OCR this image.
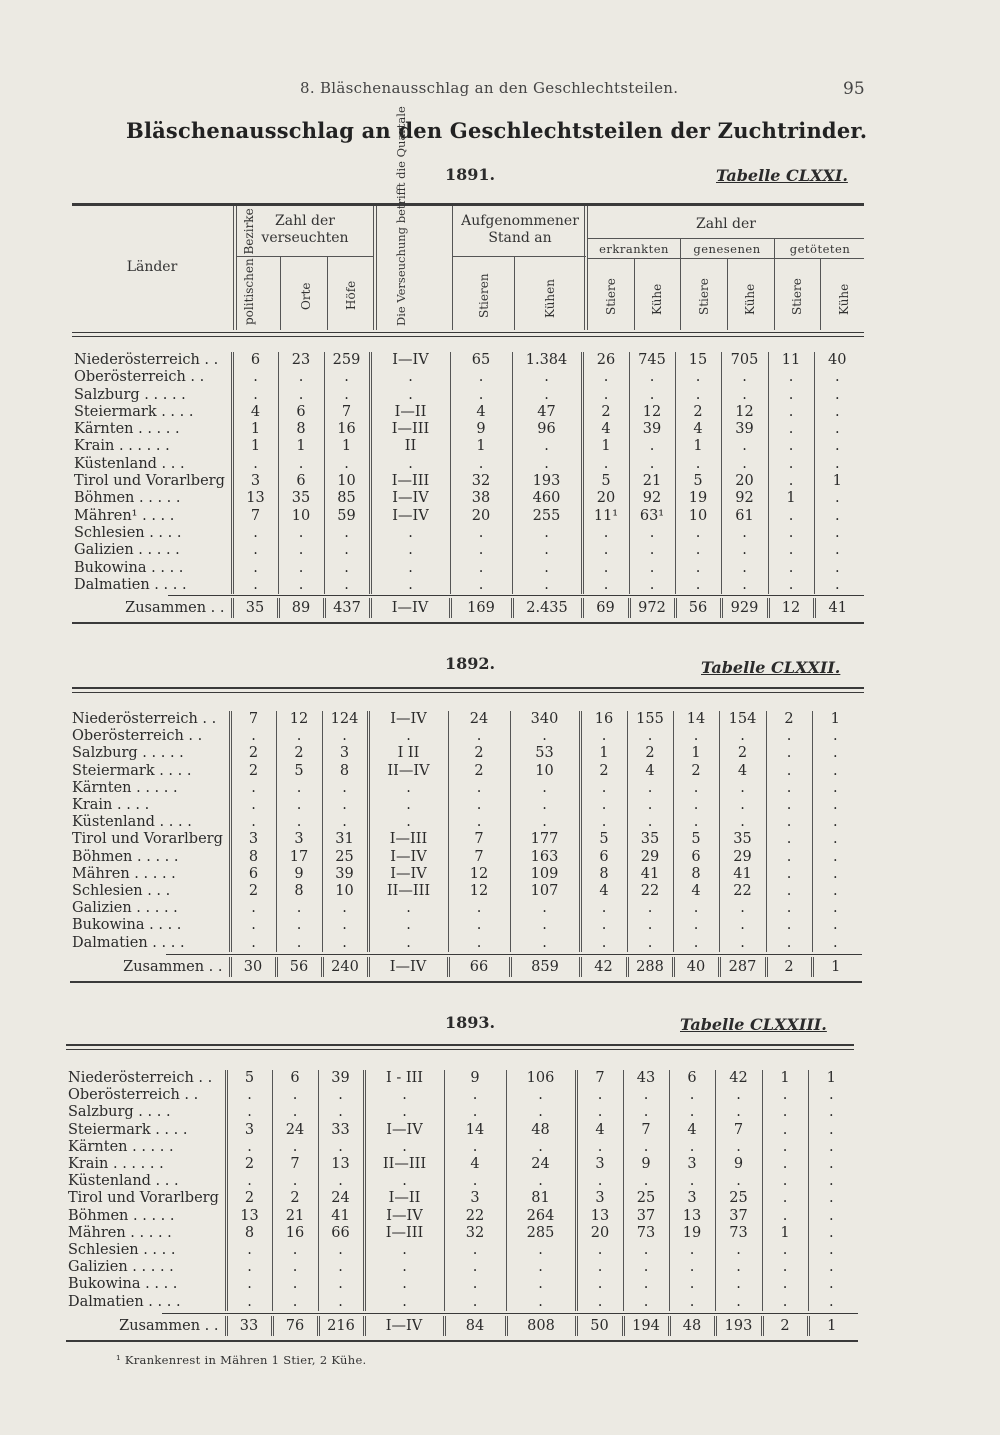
8. Bläschenausschlag an den Geschlechtsteilen.	95
Bläschenausschlag an den Geschlechtsteilen der Zuchtrinder.
1891.	Tabelle CLXXI.
Länder
Zahl der verseuchten
politischen Bezirke	Orte	Höfe	Die Verseuchung betrifft die Quartale	Aufgenommener Stand an
Stieren	Kühen
Zahl der
erkrankten	genesenen	getöteten
Stiere	Kühe	Stiere	Kühe	Stiere	Kühe
Niederösterreich . .	6	23	259	I—IV	65	1.384	26	745	15	705	11	40
Oberösterreich . .	.	.	.	.	.	.	.	.	.	.	.	.
Salzburg . . . . .	.	.	.	.	.	.	.	.	.	.	.	.
Steiermark . . . .	4	6	7	I—II	4	47	2	12	2	12	.	.
Kärnten . . . . .	1	8	16	I—III	9	96	4	39	4	39	.	.
Krain . . . . . .	1	1	1	II	1	.	1	.	1	.	.	.
Küstenland . . .	.	.	.	.	.	.	.	.	.	.	.	.
Tirol und Vorarlberg	3	6	10	I—III	32	193	5	21	5	20	.	1
Böhmen . . . . .	13	35	85	I—IV	38	460	20	92	19	92	1	.
Mähren¹ . . . .	7	10	59	I—IV	20	255	11¹	63¹	10	61	.	.
Schlesien . . . .	.	.	.	.	.	.	.	.	.	.	.	.
Galizien . . . . .	.	.	.	.	.	.	.	.	.	.	.	.
Bukowina . . . .	.	.	.	.	.	.	.	.	.	.	.	.
Dalmatien . . . .	.	.	.	.	.	.	.	.	.	.	.	.
Zusammen . .	35	89	437	I—IV	169	2.435	69	972	56	929	12	41
Niederösterreich . .	7	12	124	I—IV	24	340	16	155	14	154	2	1
Oberösterreich . .	.	.	.	.	.	.	.	.	.	.	.	.
Salzburg . . . . .	2	2	3	I II	2	53	1	2	1	2	.	.
Steiermark . . . .	2	5	8	II—IV	2	10	2	4	2	4	.	.
Kärnten . . . . .	.	.	.	.	.	.	.	.	.	.	.	.
Krain . . . .	.	.	.	.	.	.	.	.	.	.	.	.
Küstenland . . . .	.	.	.	.	.	.	.	.	.	.	.	.
Tirol und Vorarlberg	3	3	31	I—III	7	177	5	35	5	35	.	.
Böhmen . . . . .	8	17	25	I—IV	7	163	6	29	6	29	.	.
Mähren . . . . .	6	9	39	I—IV	12	109	8	41	8	41	.	.
Schlesien . . .	2	8	10	II—III	12	107	4	22	4	22	.	.
Galizien . . . . .	.	.	.	.	.	.	.	.	.	.	.	.
Bukowina . . . .	.	.	.	.	.	.	.	.	.	.	.	.
Dalmatien . . . .	.	.	.	.	.	.	.	.	.	.	.	.
Zusammen . .	30	56	240	I—IV	66	859	42	288	40	287	2	1
Niederösterreich . .	5	6	39	I - III	9	106	7	43	6	42	1	1
Oberösterreich . .	.	.	.	.	.	.	.	.	.	.	.	.
Salzburg . . . .	.	.	.	.	.	.	.	.	.	.	.	.
Steiermark . . . .	3	24	33	I—IV	14	48	4	7	4	7	.	.
Kärnten . . . . .	.	.	.	.	.	.	.	.	.	.	.	.
Krain . . . . . .	2	7	13	II—III	4	24	3	9	3	9	.	.
Küstenland . . .	.	.	.	.	.	.	.	.	.	.	.	.
Tirol und Vorarlberg	2	2	24	I—II	3	81	3	25	3	25	.	.
Böhmen . . . . .	13	21	41	I—IV	22	264	13	37	13	37	.	.
Mähren . . . . .	8	16	66	I—III	32	285	20	73	19	73	1	.
Schlesien . . . .	.	.	.	.	.	.	.	.	.	.	.	.
Galizien . . . . .	.	.	.	.	.	.	.	.	.	.	.	.
Bukowina . . . .	.	.	.	.	.	.	.	.	.	.	.	.
Dalmatien . . . .	.	.	.	.	.	.	.	.	.	.	.	.
Zusammen . .	33	76	216	I—IV	84	808	50	194	48	193	2	1
1892.	Tabelle CLXXII.
1893.	Tabelle CLXXIII.
¹ Krankenrest in Mähren 1 Stier, 2 Kühe.
